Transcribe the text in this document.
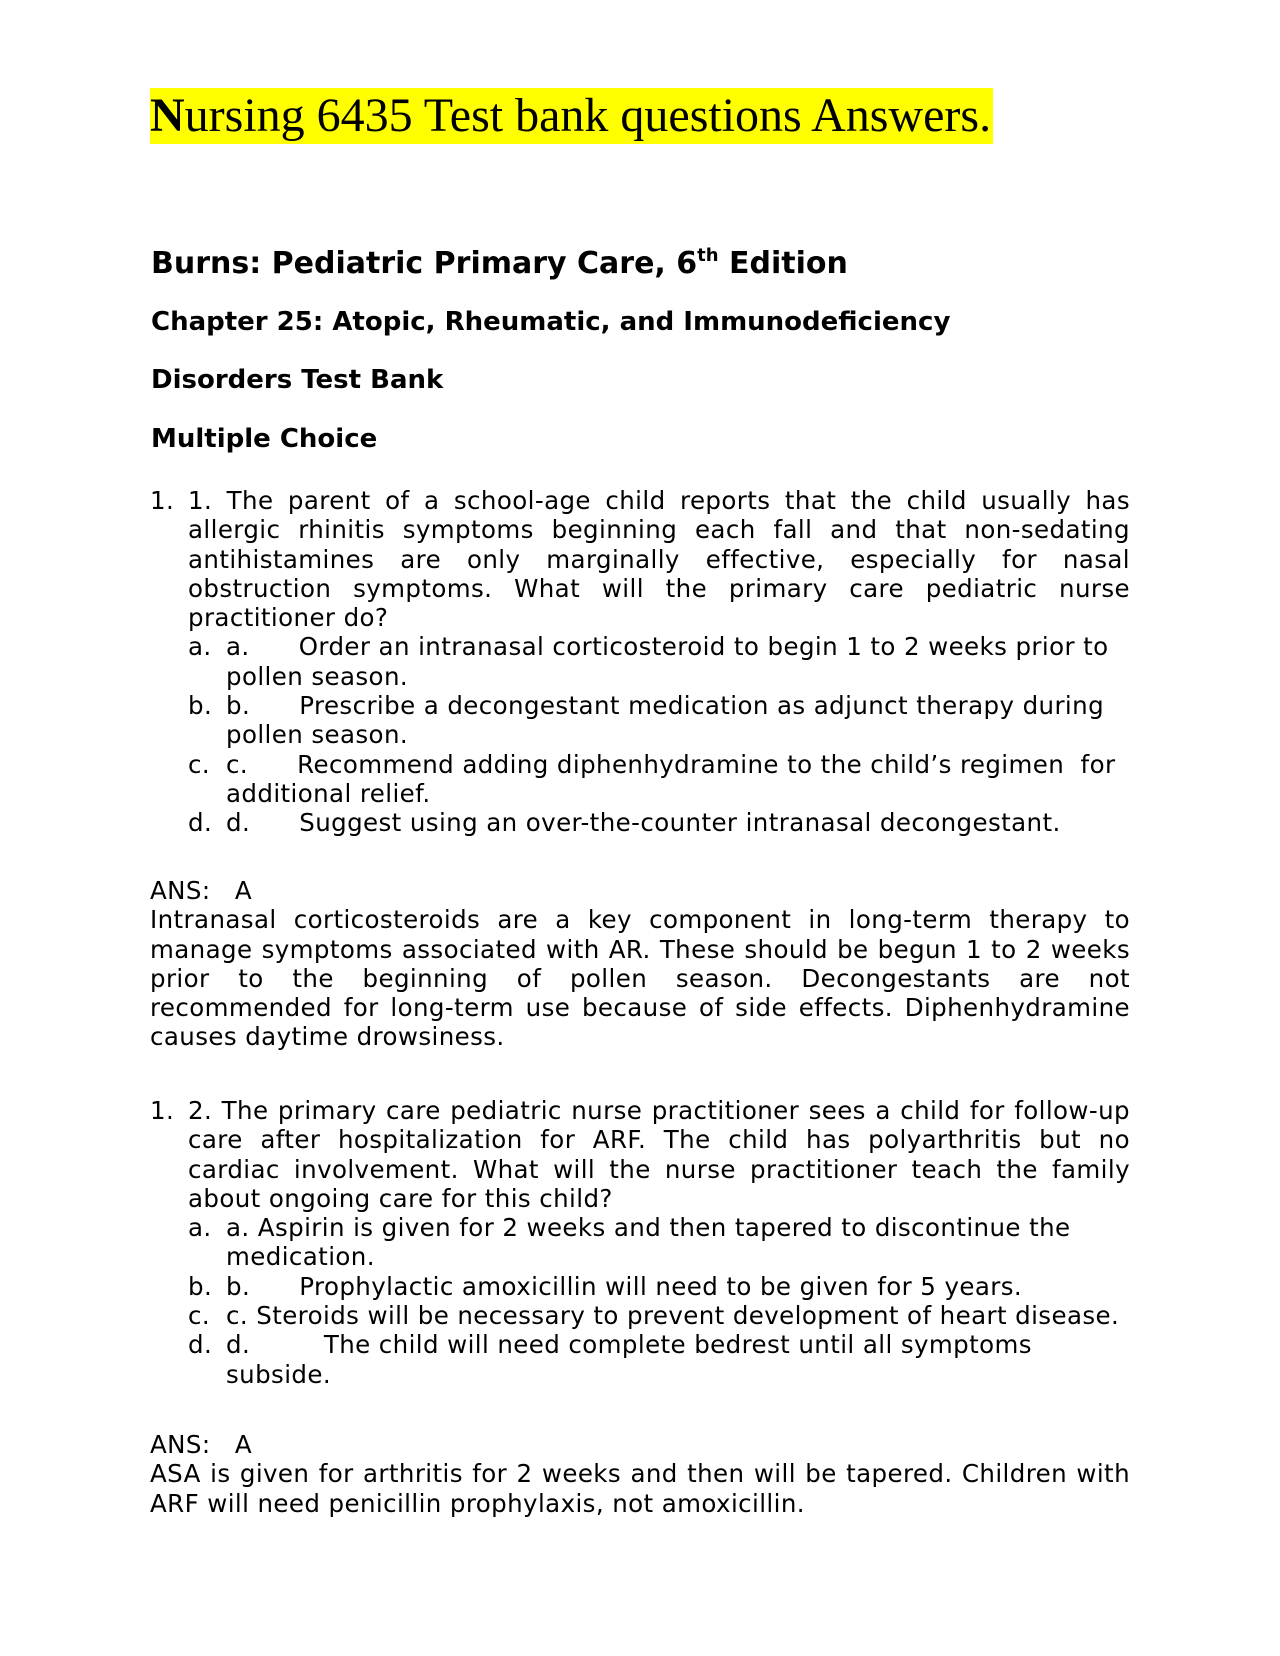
Nursing 6435 Test bank questions Answers.
Burns: Pediatric Primary Care, 6th Edition
Chapter 25: Atopic, Rheumatic, and Immunodeficiency
Disorders Test Bank
Multiple Choice
1. 1. The parent of a school-age child reports that the child usually has allergic rhinitis symptoms beginning each fall and that non-sedating antihistamines are only marginally effective, especially for nasal obstruction symptoms. What will the primary care pediatric nurse practitioner do?
a. a.      Order an intranasal corticosteroid to begin 1 to 2 weeks prior to pollen season.
b. b.      Prescribe a decongestant medication as adjunct therapy during pollen season.
c. c.      Recommend adding diphenhydramine to the child’s regimen  for additional relief.
d. d.      Suggest using an over-the-counter intranasal decongestant.
ANS:  A
Intranasal corticosteroids are a key component in long-term therapy to manage symptoms associated with AR. These should be begun 1 to 2 weeks prior to the beginning of pollen season. Decongestants are not recommended for long-term use because of side effects. Diphenhydramine causes daytime drowsiness.
1. 2. The primary care pediatric nurse practitioner sees a child for follow-up care after hospitalization for ARF. The child has polyarthritis but no cardiac involvement. What will the nurse practitioner teach the family about ongoing care for this child?
a. a. Aspirin is given for 2 weeks and then tapered to discontinue the medication.
b. b.      Prophylactic amoxicillin will need to be given for 5 years.
c. c. Steroids will be necessary to prevent development of heart disease.
d. d.         The child will need complete bedrest until all symptoms subside.
ANS:  A
ASA is given for arthritis for 2 weeks and then will be tapered. Children with ARF will need penicillin prophylaxis, not amoxicillin.
